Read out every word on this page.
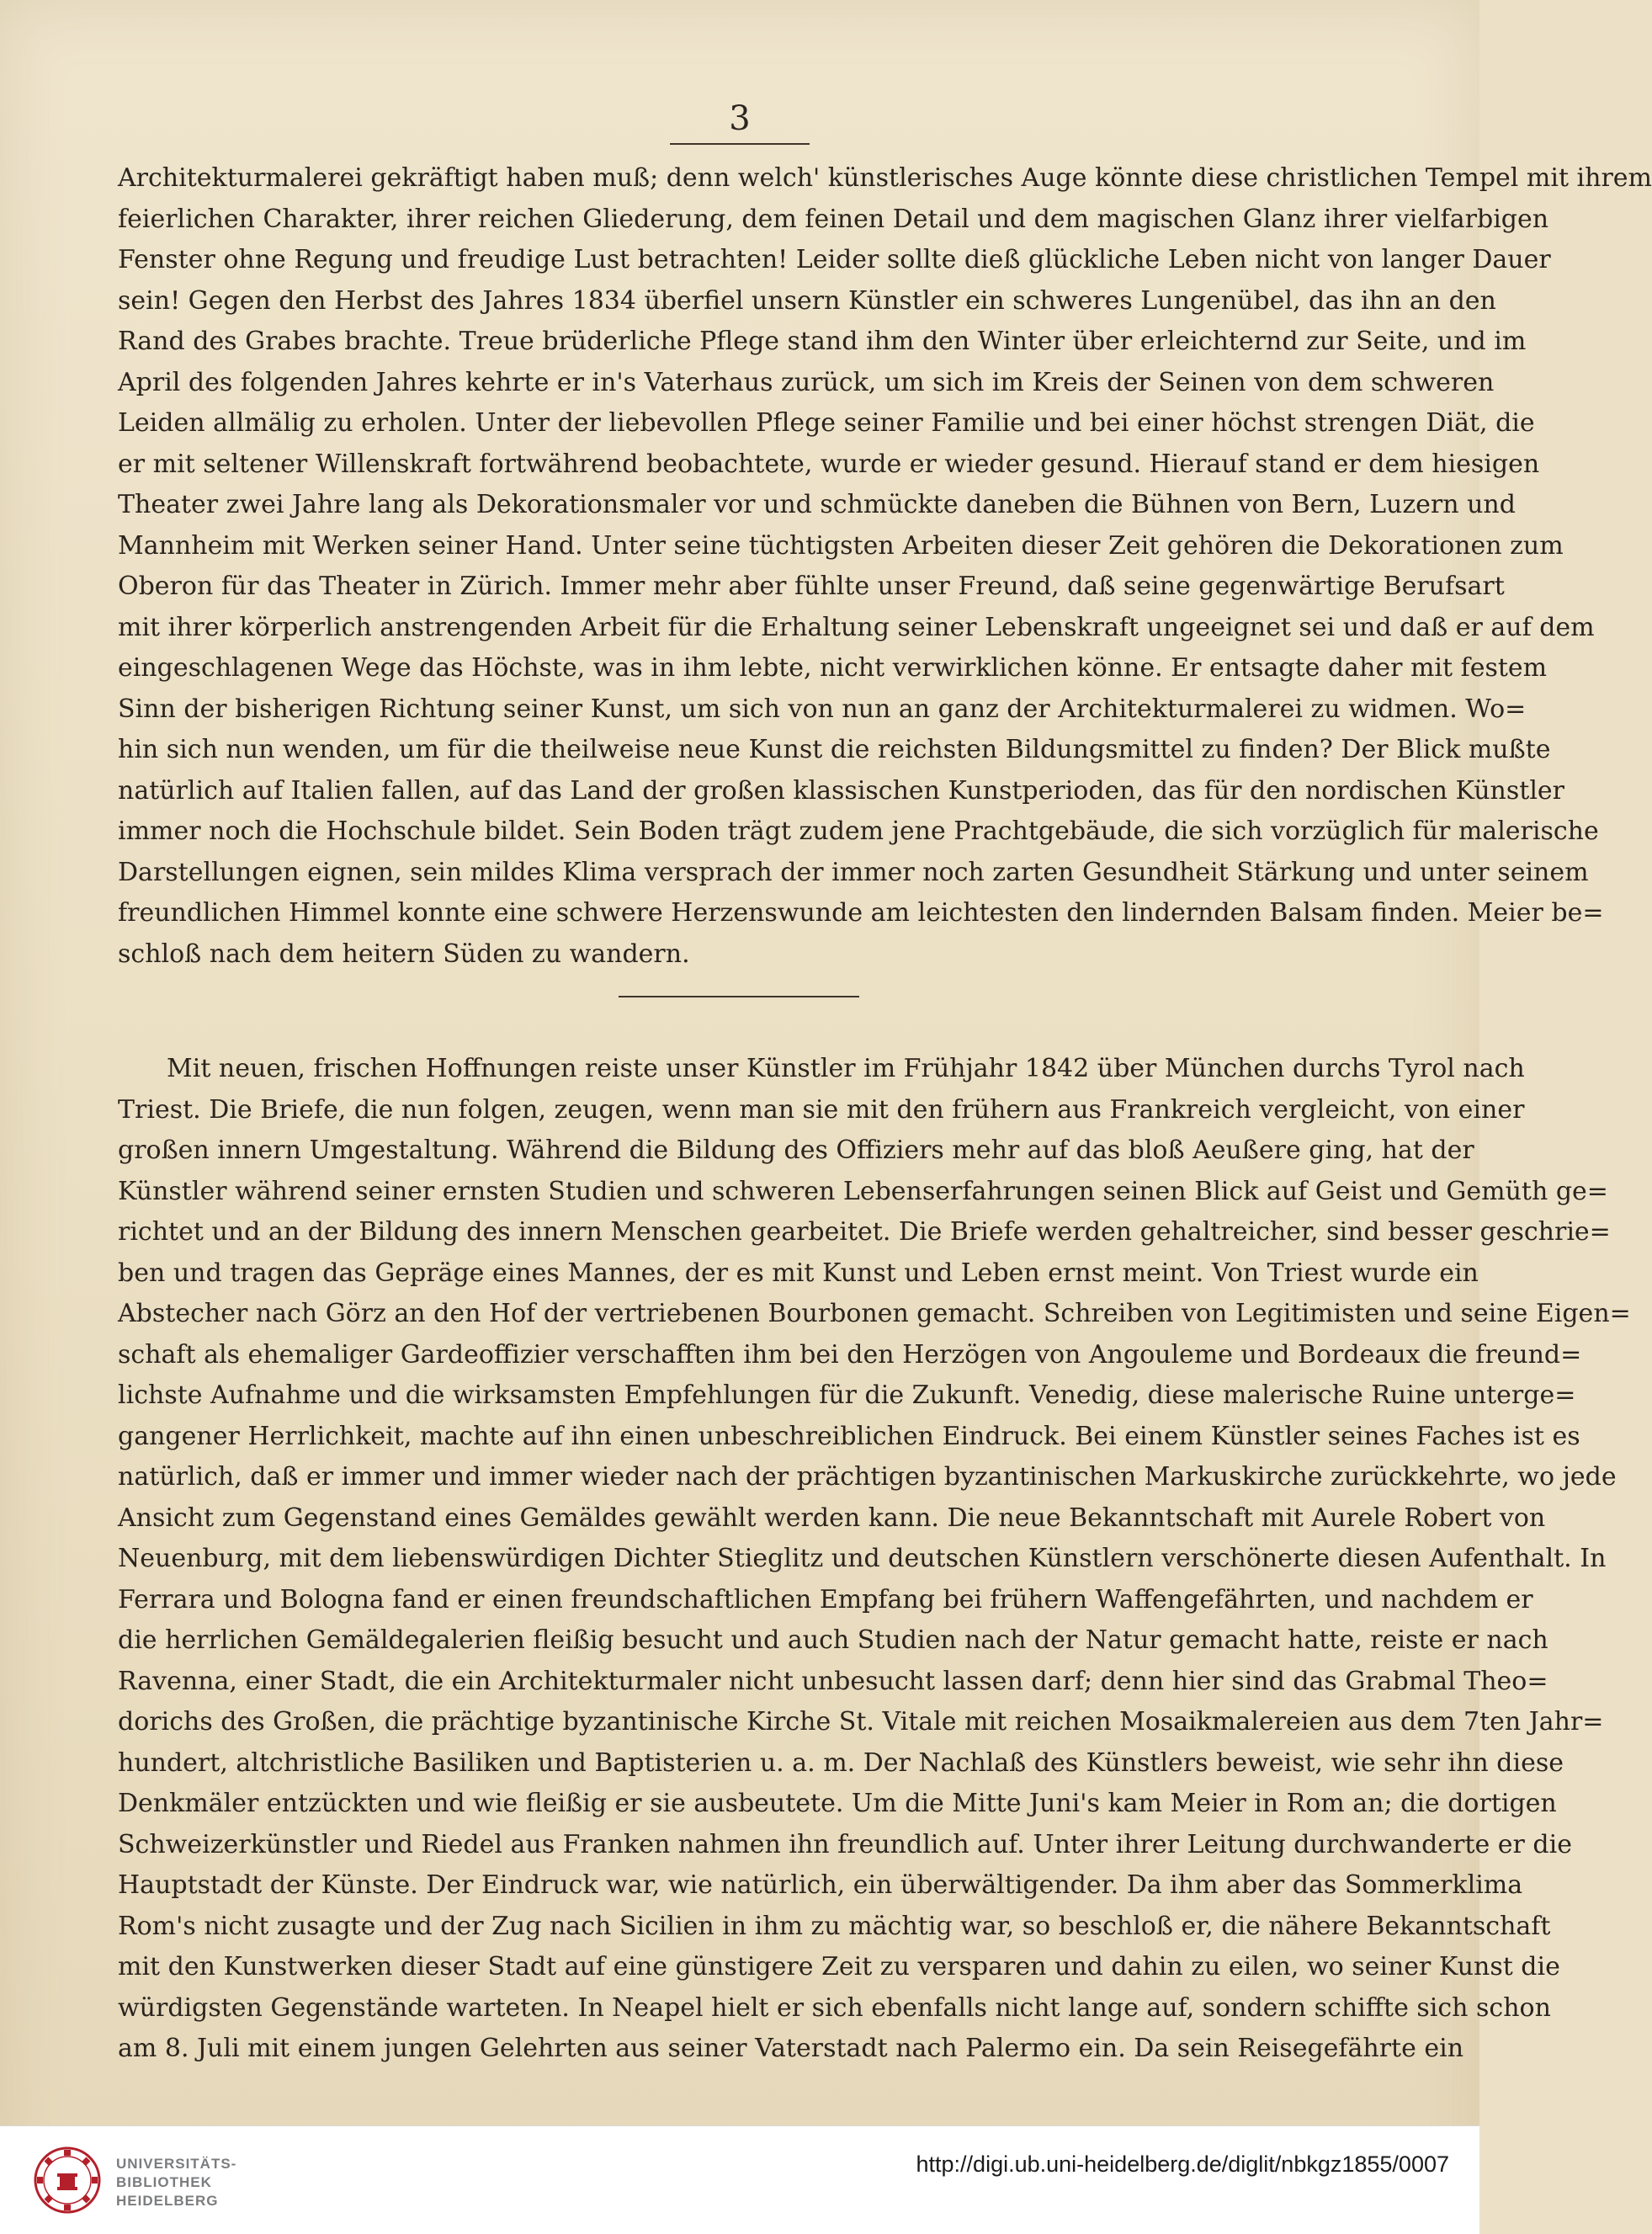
3
Architekturmalerei gekräftigt haben muß; denn welch' künstlerisches Auge könnte diese christlichen Tempel mit ihrem
feierlichen Charakter, ihrer reichen Gliederung, dem feinen Detail und dem magischen Glanz ihrer vielfarbigen
Fenster ohne Regung und freudige Lust betrachten! Leider sollte dieß glückliche Leben nicht von langer Dauer
sein! Gegen den Herbst des Jahres 1834 überfiel unsern Künstler ein schweres Lungenübel, das ihn an den
Rand des Grabes brachte. Treue brüderliche Pflege stand ihm den Winter über erleichternd zur Seite, und im
April des folgenden Jahres kehrte er in's Vaterhaus zurück, um sich im Kreis der Seinen von dem schweren
Leiden allmälig zu erholen. Unter der liebevollen Pflege seiner Familie und bei einer höchst strengen Diät, die
er mit seltener Willenskraft fortwährend beobachtete, wurde er wieder gesund. Hierauf stand er dem hiesigen
Theater zwei Jahre lang als Dekorationsmaler vor und schmückte daneben die Bühnen von Bern, Luzern und
Mannheim mit Werken seiner Hand. Unter seine tüchtigsten Arbeiten dieser Zeit gehören die Dekorationen zum
Oberon für das Theater in Zürich. Immer mehr aber fühlte unser Freund, daß seine gegenwärtige Berufsart
mit ihrer körperlich anstrengenden Arbeit für die Erhaltung seiner Lebenskraft ungeeignet sei und daß er auf dem
eingeschlagenen Wege das Höchste, was in ihm lebte, nicht verwirklichen könne. Er entsagte daher mit festem
Sinn der bisherigen Richtung seiner Kunst, um sich von nun an ganz der Architekturmalerei zu widmen. Wo=
hin sich nun wenden, um für die theilweise neue Kunst die reichsten Bildungsmittel zu finden? Der Blick mußte
natürlich auf Italien fallen, auf das Land der großen klassischen Kunstperioden, das für den nordischen Künstler
immer noch die Hochschule bildet. Sein Boden trägt zudem jene Prachtgebäude, die sich vorzüglich für malerische
Darstellungen eignen, sein mildes Klima versprach der immer noch zarten Gesundheit Stärkung und unter seinem
freundlichen Himmel konnte eine schwere Herzenswunde am leichtesten den lindernden Balsam finden. Meier be=
schloß nach dem heitern Süden zu wandern.
Mit neuen, frischen Hoffnungen reiste unser Künstler im Frühjahr 1842 über München durchs Tyrol nach
Triest. Die Briefe, die nun folgen, zeugen, wenn man sie mit den frühern aus Frankreich vergleicht, von einer
großen innern Umgestaltung. Während die Bildung des Offiziers mehr auf das bloß Aeußere ging, hat der
Künstler während seiner ernsten Studien und schweren Lebenserfahrungen seinen Blick auf Geist und Gemüth ge=
richtet und an der Bildung des innern Menschen gearbeitet. Die Briefe werden gehaltreicher, sind besser geschrie=
ben und tragen das Gepräge eines Mannes, der es mit Kunst und Leben ernst meint. Von Triest wurde ein
Abstecher nach Görz an den Hof der vertriebenen Bourbonen gemacht. Schreiben von Legitimisten und seine Eigen=
schaft als ehemaliger Gardeoffizier verschafften ihm bei den Herzögen von Angouleme und Bordeaux die freund=
lichste Aufnahme und die wirksamsten Empfehlungen für die Zukunft. Venedig, diese malerische Ruine unterge=
gangener Herrlichkeit, machte auf ihn einen unbeschreiblichen Eindruck. Bei einem Künstler seines Faches ist es
natürlich, daß er immer und immer wieder nach der prächtigen byzantinischen Markuskirche zurückkehrte, wo jede
Ansicht zum Gegenstand eines Gemäldes gewählt werden kann. Die neue Bekanntschaft mit Aurele Robert von
Neuenburg, mit dem liebenswürdigen Dichter Stieglitz und deutschen Künstlern verschönerte diesen Aufenthalt. In
Ferrara und Bologna fand er einen freundschaftlichen Empfang bei frühern Waffengefährten, und nachdem er
die herrlichen Gemäldegalerien fleißig besucht und auch Studien nach der Natur gemacht hatte, reiste er nach
Ravenna, einer Stadt, die ein Architekturmaler nicht unbesucht lassen darf; denn hier sind das Grabmal Theo=
dorichs des Großen, die prächtige byzantinische Kirche St. Vitale mit reichen Mosaikmalereien aus dem 7ten Jahr=
hundert, altchristliche Basiliken und Baptisterien u. a. m. Der Nachlaß des Künstlers beweist, wie sehr ihn diese
Denkmäler entzückten und wie fleißig er sie ausbeutete. Um die Mitte Juni's kam Meier in Rom an; die dortigen
Schweizerkünstler und Riedel aus Franken nahmen ihn freundlich auf. Unter ihrer Leitung durchwanderte er die
Hauptstadt der Künste. Der Eindruck war, wie natürlich, ein überwältigender. Da ihm aber das Sommerklima
Rom's nicht zusagte und der Zug nach Sicilien in ihm zu mächtig war, so beschloß er, die nähere Bekanntschaft
mit den Kunstwerken dieser Stadt auf eine günstigere Zeit zu versparen und dahin zu eilen, wo seiner Kunst die
würdigsten Gegenstände warteten. In Neapel hielt er sich ebenfalls nicht lange auf, sondern schiffte sich schon
am 8. Juli mit einem jungen Gelehrten aus seiner Vaterstadt nach Palermo ein. Da sein Reisegefährte ein
UNIVERSITÄTS-
BIBLIOTHEK
HEIDELBERG
http://digi.ub.uni-heidelberg.de/diglit/nbkgz1855/0007
